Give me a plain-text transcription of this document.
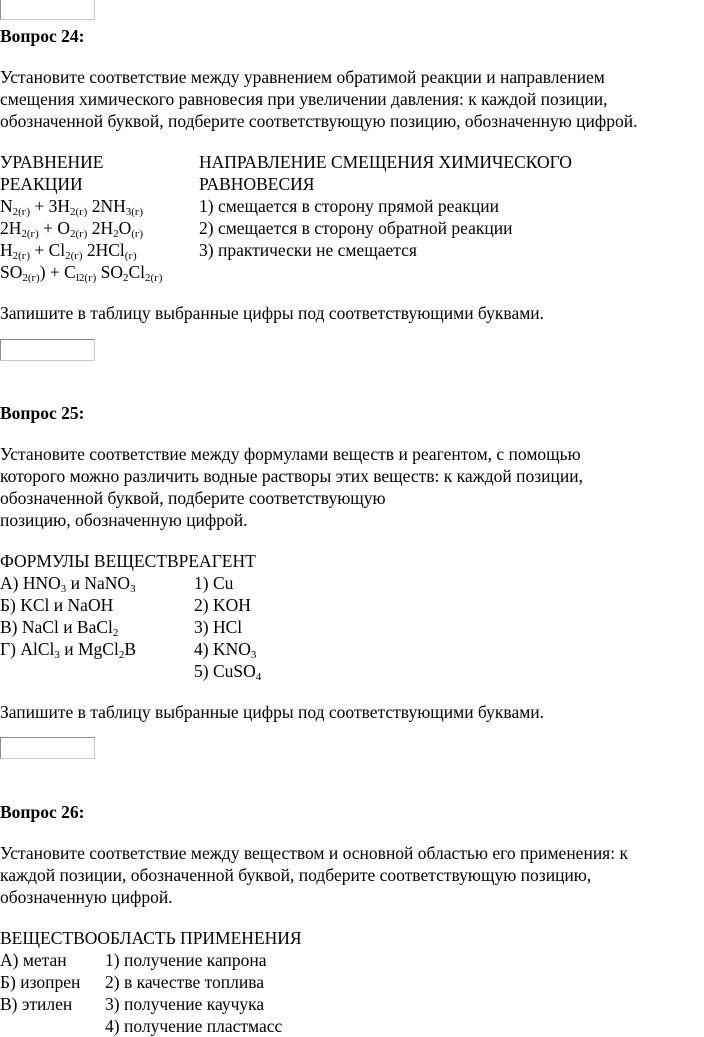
Вопрос 24:
Установите соответствие между уравнением обратимой реакции и направлением
смещения химического равновесия при увеличении давления: к каждой позиции,
обозначенной буквой, подберите соответствующую позицию, обозначенную цифрой.
УРАВНЕНИЕ
РЕАКЦИИ
НАПРАВЛЕНИЕ СМЕЩЕНИЯ ХИМИЧЕСКОГО
РАВНОВЕСИЯ
$N_{2(г)} + 3H_{2(г)}$ $2NH_{3(г)}$
$2H_{2(г)} + O_{2(г)}$ $2H_2O_{(г)}$
$H_{2(г)} + Cl_{2(г)}$ 2HCl$_{(г)}$
$SO_{2(г)}) + C_{l2(г)}$ $SO_2Cl_{2(г)}$
1) смещается в сторону прямой реакции
2) смещается в сторону обратной реакции
3) практически не смещается
Запишите в таблицу выбранные цифры под соответствующими буквами.
Вопрос 25:
Установите соответствие между формулами веществ и реагентом, с помощью
которого можно различить водные растворы этих веществ: к каждой позиции,
обозначенной буквой, подберите соответствующую
позицию, обозначенную цифрой.
ФОРМУЛЫ ВЕЩЕСТВРЕАГЕНТ
А) $HNO_3$ и NaNO$_3$
Б) KCl и NaOH
В) NaCl и BaCl$_2$
Г) AlCl$_3$ и MgCl$_2$В
1) Cu
2) KOH
3) HCl
4) $KNO_3$
5) CuSO$_4$
Запишите в таблицу выбранные цифры под соответствующими буквами.
Вопрос 26:
Установите соответствие между веществом и основной областью его применения: к
каждой позиции, обозначенной буквой, подберите соответствующую позицию,
обозначенную цифрой.
ВЕЩЕСТВООБЛАСТЬ ПРИМЕНЕНИЯ
А) метан
Б) изопрен
В) этилен
1) получение капрона
2) в качестве топлива
3) получение каучука
4) получение пластмасс
